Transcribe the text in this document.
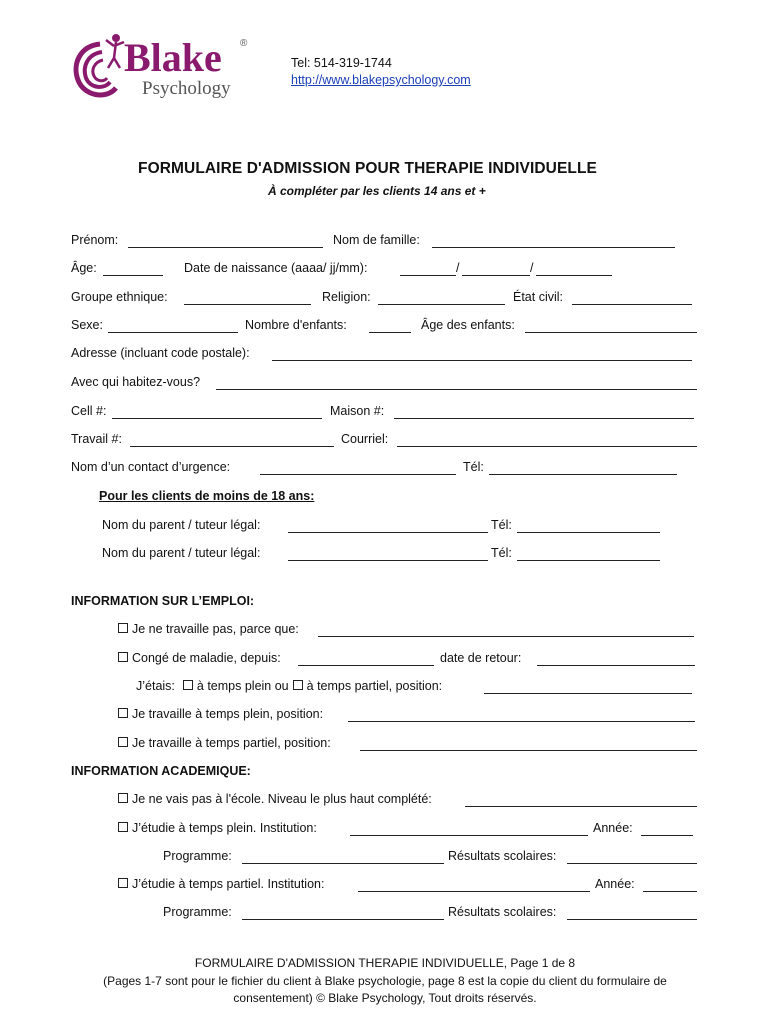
Blake ®
Psychology
Tel: 514-319-1744
http://www.blakepsychology.com
FORMULAIRE D'ADMISSION POUR THERAPIE INDIVIDUELLE
À compléter par les clients 14 ans et +
Prénom:	Nom de famille:
Âge:	Date de naissance (aaaa/ jj/mm):	/	/
Groupe ethnique:	Religion:	État civil:
Sexe:	Nombre d'enfants:	Âge des enfants:
Adresse (incluant code postale):
Avec qui habitez-vous?
Cell #:	Maison #:
Travail #:	Courriel:
Nom d’un contact d’urgence:	Tél:
Pour les clients de moins de 18 ans:
Nom du parent / tuteur légal:	Tél:
Nom du parent / tuteur légal:	Tél:
INFORMATION SUR L’EMPLOI:
Je ne travaille pas, parce que:
Congé de maladie, depuis:	date de retour:
J’étais: à temps plein ou à temps partiel, position:
Je travaille à temps plein, position:
Je travaille à temps partiel, position:
INFORMATION ACADEMIQUE:
Je ne vais pas à l'école. Niveau le plus haut complété:
J’étudie à temps plein. Institution:	Année:
Programme:	Résultats scolaires:
J’étudie à temps partiel. Institution:	Année:
Programme:	Résultats scolaires:
FORMULAIRE D'ADMISSION THERAPIE INDIVIDUELLE, Page 1 de 8
(Pages 1-7 sont pour le fichier du client à Blake psychologie, page 8 est la copie du client du formulaire de
consentement) © Blake Psychology, Tout droits réservés.
